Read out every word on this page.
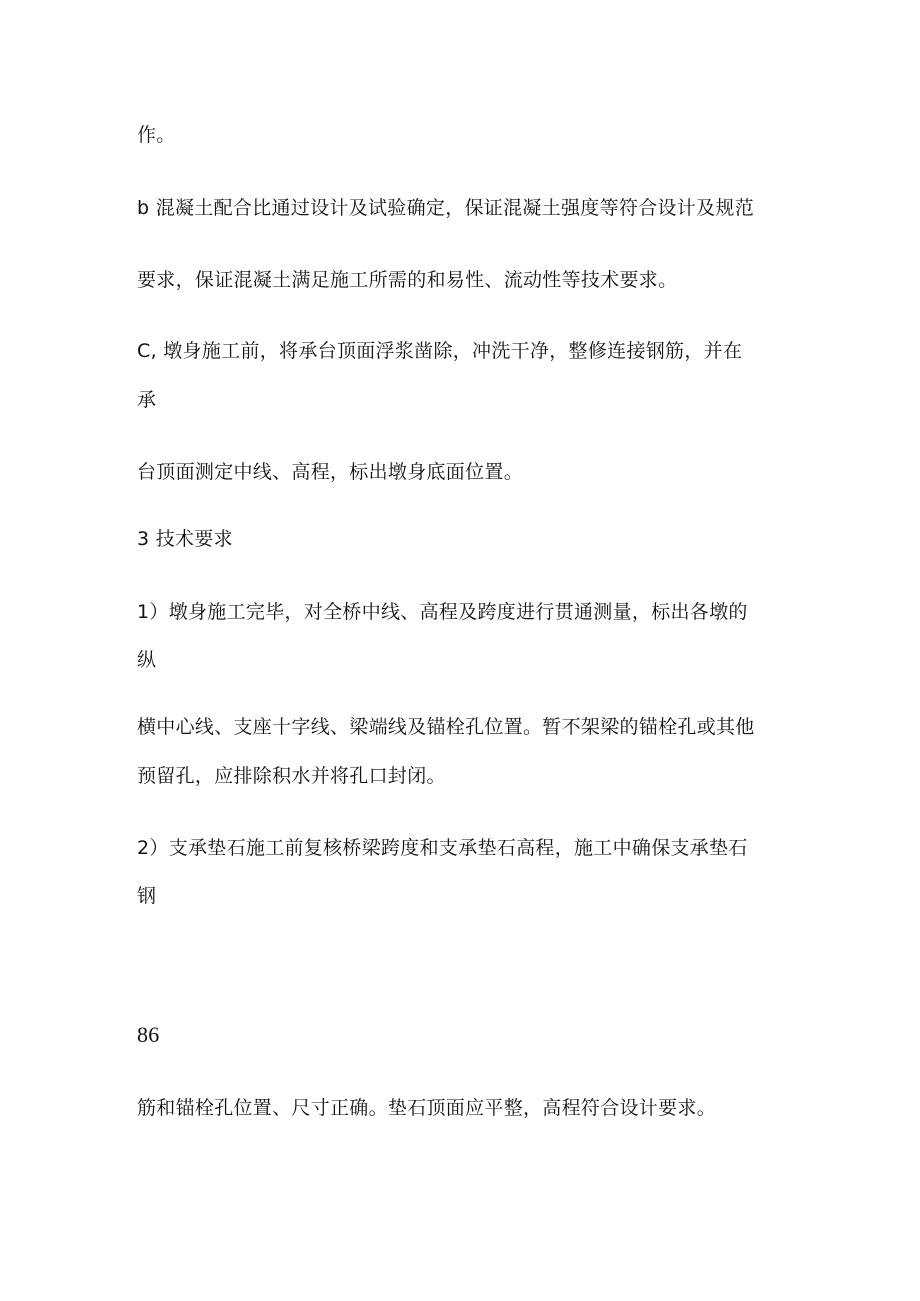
作。
b 混凝土配合比通过设计及试验确定，保证混凝土强度等符合设计及规范
要求，保证混凝土满足施工所需的和易性、流动性等技术要求。
C, 墩身施工前，将承台顶面浮浆凿除，冲洗干净，整修连接钢筋，并在
承
台顶面测定中线、高程，标出墩身底面位置。
3 技术要求
1）墩身施工完毕，对全桥中线、高程及跨度进行贯通测量，标出各墩的
纵
横中心线、支座十字线、梁端线及锚栓孔位置。暂不架梁的锚栓孔或其他
预留孔，应排除积水并将孔口封闭。
2）支承垫石施工前复核桥梁跨度和支承垫石高程，施工中确保支承垫石
钢
86
筋和锚栓孔位置、尺寸正确。垫石顶面应平整，高程符合设计要求。
